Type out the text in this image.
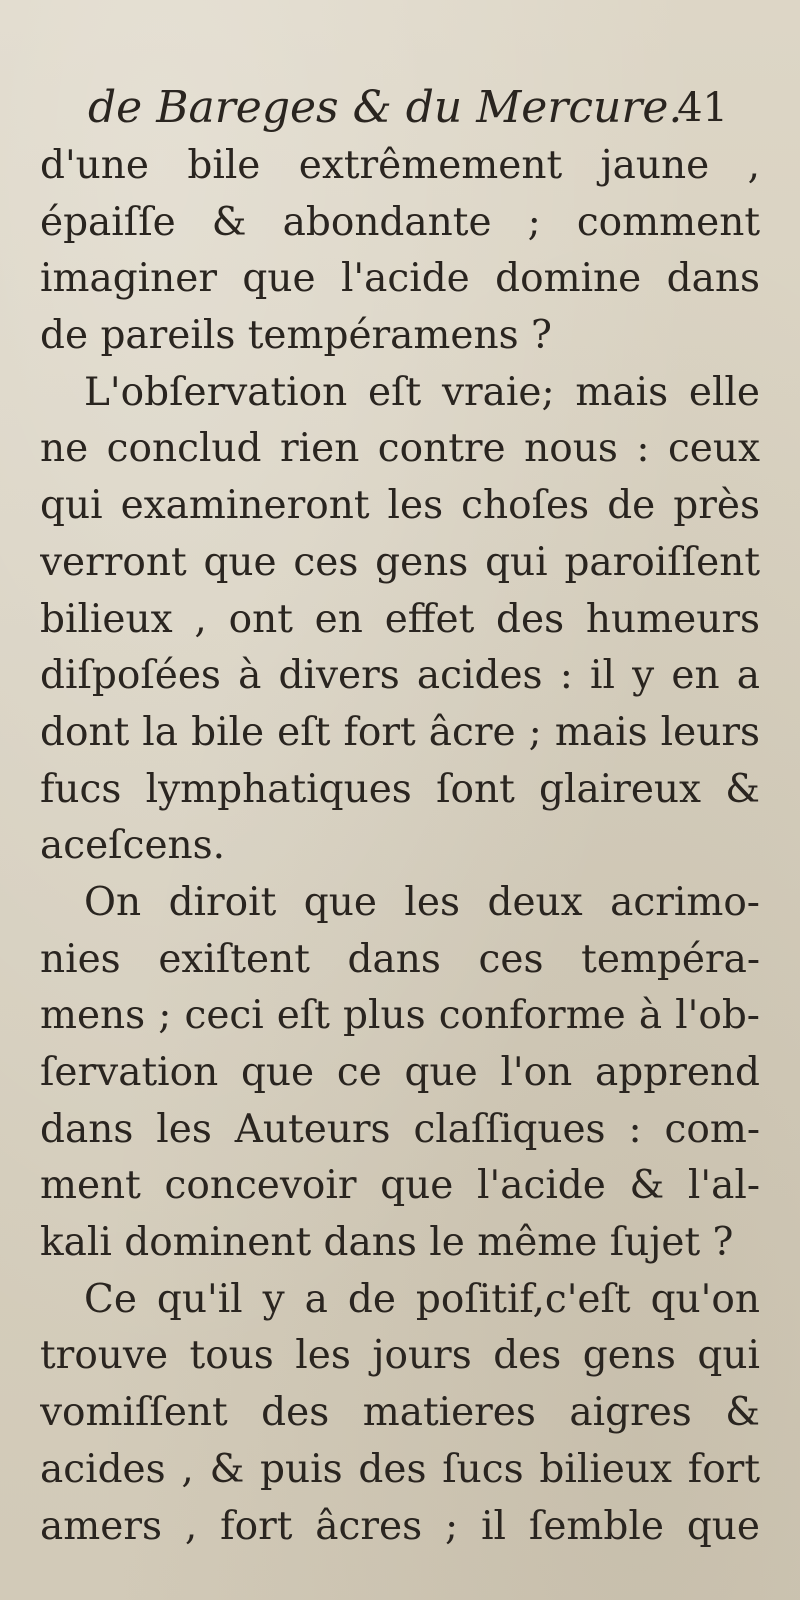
de Bareges & du Mercure.
41
d'une bile extrêmement jaune ,
épaiſſe & abondante ; comment
imaginer que l'acide domine dans
de pareils tempéramens ?
L'obſervation eſt vraie; mais elle
ne conclud rien contre nous : ceux
qui examineront les choſes de près
verront que ces gens qui paroiſſent
bilieux , ont en effet des humeurs
diſpoſées à divers acides : il y en a
dont la bile eſt fort âcre ; mais leurs
fucs lymphatiques ſont glaireux &
aceſcens.
On diroit que les deux acrimo-
nies exiſtent dans ces tempéra-
mens ; ceci eſt plus conforme à l'ob-
ſervation que ce que l'on apprend
dans les Auteurs claſſiques : com-
ment concevoir que l'acide & l'al-
kali dominent dans le même ſujet ?
Ce qu'il y a de poſitif,c'eſt qu'on
trouve tous les jours des gens qui
vomiſſent des matieres aigres &
acides , & puis des ſucs bilieux fort
amers , fort âcres ; il ſemble que
